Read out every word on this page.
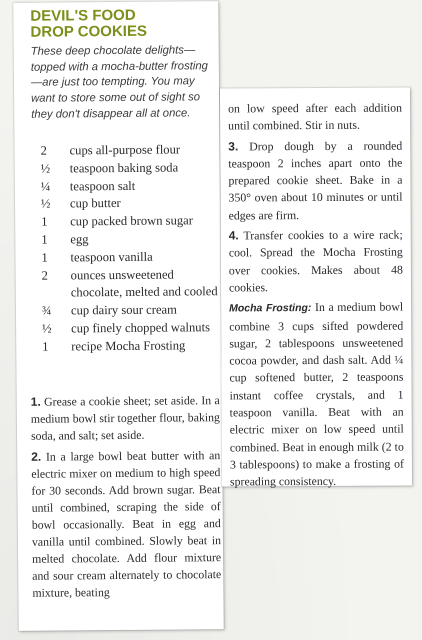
DEVIL'S FOOD
DROP COOKIES

These deep chocolate delights—topped with a mocha-butter frosting—are just too tempting. You may want to store some out of sight so they don't disappear all at once.

2	cups all-purpose flour
½	teaspoon baking soda
¼	teaspoon salt
½	cup butter
1	cup packed brown sugar
1	egg
1	teaspoon vanilla
2	ounces unsweetened chocolate, melted and cooled
¾	cup dairy sour cream
½	cup finely chopped walnuts
1	recipe Mocha Frosting

1. Grease a cookie sheet; set aside. In a medium bowl stir together flour, baking soda, and salt; set aside.

2. In a large bowl beat butter with an electric mixer on medium to high speed for 30 seconds. Add brown sugar. Beat until combined, scraping the side of bowl occasionally. Beat in egg and vanilla until combined. Slowly beat in melted chocolate. Add flour mixture and sour cream alternately to chocolate mixture, beating

on low speed after each addition until combined. Stir in nuts.

3. Drop dough by a rounded teaspoon 2 inches apart onto the prepared cookie sheet. Bake in a 350° oven about 10 minutes or until edges are firm.

4. Transfer cookies to a wire rack; cool. Spread the Mocha Frosting over cookies. Makes about 48 cookies.

Mocha Frosting: In a medium bowl combine 3 cups sifted powdered sugar, 2 tablespoons unsweetened cocoa powder, and dash salt. Add ¼ cup softened butter, 2 teaspoons instant coffee crystals, and 1 teaspoon vanilla. Beat with an electric mixer on low speed until combined. Beat in enough milk (2 to 3 tablespoons) to make a frosting of spreading consistency.
